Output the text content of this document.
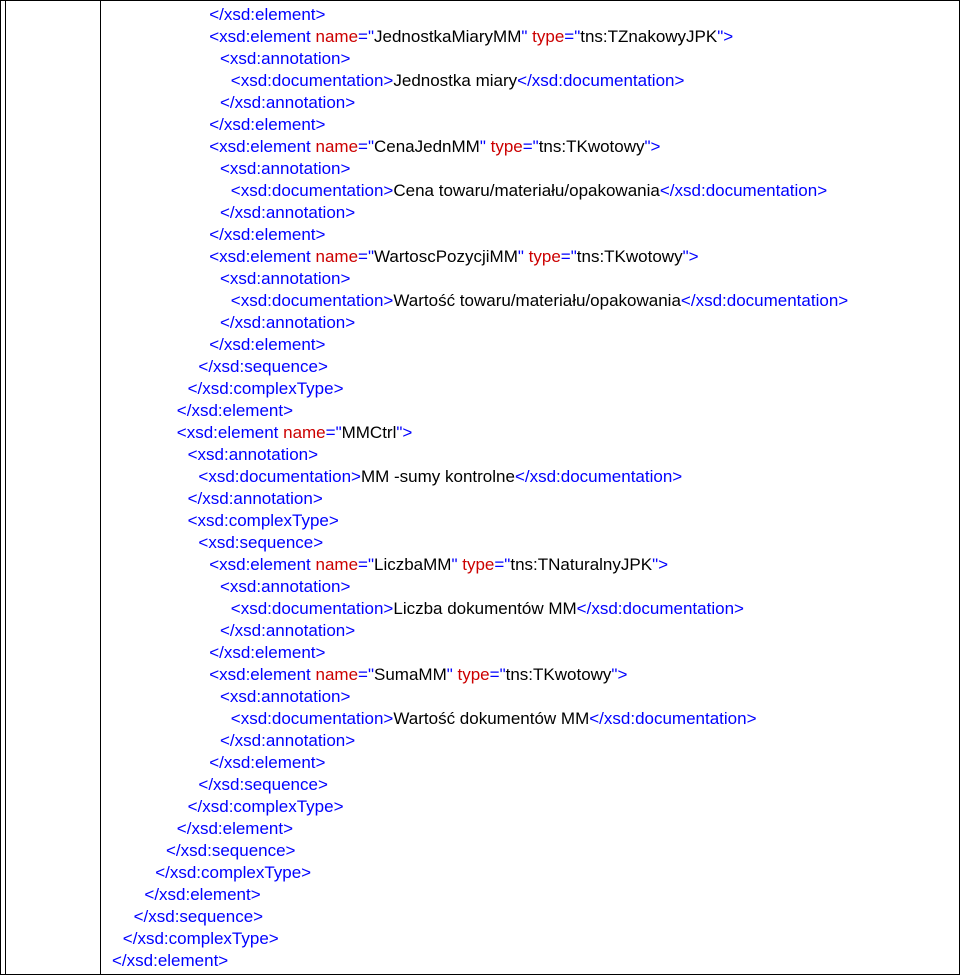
</xsd:element>
<xsd:element name="JednostkaMiaryMM" type="tns:TZnakowyJPK">
<xsd:annotation>
<xsd:documentation>Jednostka miary</xsd:documentation>
</xsd:annotation>
</xsd:element>
<xsd:element name="CenaJednMM" type="tns:TKwotowy">
<xsd:annotation>
<xsd:documentation>Cena towaru/materiału/opakowania</xsd:documentation>
</xsd:annotation>
</xsd:element>
<xsd:element name="WartoscPozycjiMM" type="tns:TKwotowy">
<xsd:annotation>
<xsd:documentation>Wartość towaru/materiału/opakowania</xsd:documentation>
</xsd:annotation>
</xsd:element>
</xsd:sequence>
</xsd:complexType>
</xsd:element>
<xsd:element name="MMCtrl">
<xsd:annotation>
<xsd:documentation>MM -sumy kontrolne</xsd:documentation>
</xsd:annotation>
<xsd:complexType>
<xsd:sequence>
<xsd:element name="LiczbaMM" type="tns:TNaturalnyJPK">
<xsd:annotation>
<xsd:documentation>Liczba dokumentów MM</xsd:documentation>
</xsd:annotation>
</xsd:element>
<xsd:element name="SumaMM" type="tns:TKwotowy">
<xsd:annotation>
<xsd:documentation>Wartość dokumentów MM</xsd:documentation>
</xsd:annotation>
</xsd:element>
</xsd:sequence>
</xsd:complexType>
</xsd:element>
</xsd:sequence>
</xsd:complexType>
</xsd:element>
</xsd:sequence>
</xsd:complexType>
</xsd:element>
